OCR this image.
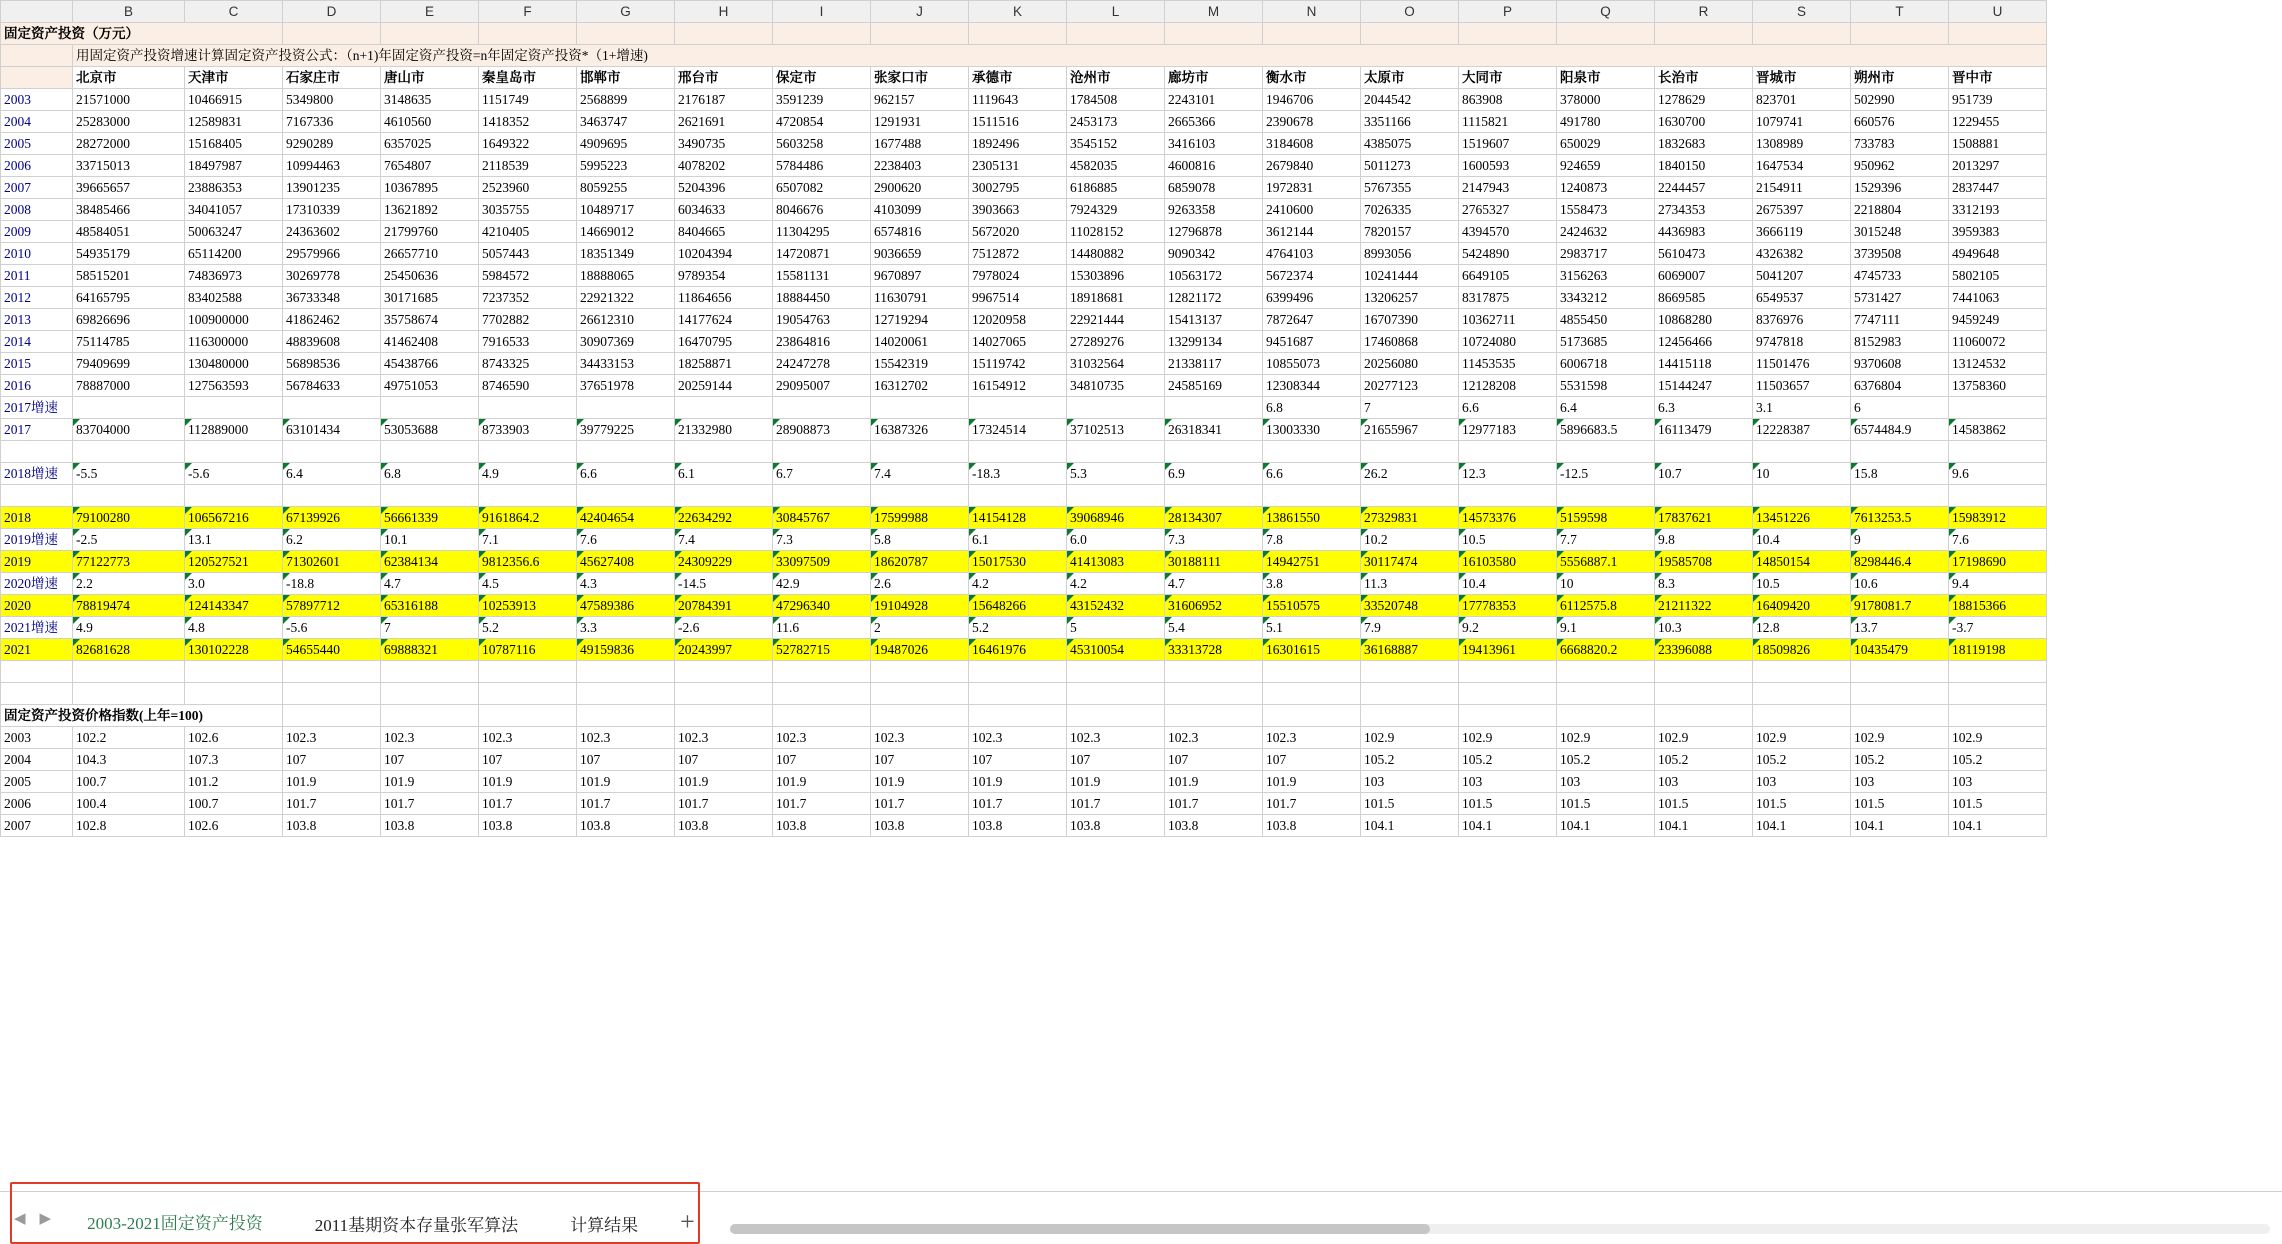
	B	C	D	E	F	G	H	I	J	K	L	M	N	O	P	Q	R	S	T	U
固定资产投资（万元）																				
	用固定资产投资增速计算固定资产投资公式：（n+1)年固定资产投资=n年固定资产投资*（1+增速)																			
	北京市	天津市	石家庄市	唐山市	秦皇岛市	邯郸市	邢台市	保定市	张家口市	承德市	沧州市	廊坊市	衡水市	太原市	大同市	阳泉市	长治市	晋城市	朔州市	晋中市
2003	21571000	10466915	5349800	3148635	1151749	2568899	2176187	3591239	962157	1119643	1784508	2243101	1946706	2044542	863908	378000	1278629	823701	502990	951739
2004	25283000	12589831	7167336	4610560	1418352	3463747	2621691	4720854	1291931	1511516	2453173	2665366	2390678	3351166	1115821	491780	1630700	1079741	660576	1229455
2005	28272000	15168405	9290289	6357025	1649322	4909695	3490735	5603258	1677488	1892496	3545152	3416103	3184608	4385075	1519607	650029	1832683	1308989	733783	1508881
2006	33715013	18497987	10994463	7654807	2118539	5995223	4078202	5784486	2238403	2305131	4582035	4600816	2679840	5011273	1600593	924659	1840150	1647534	950962	2013297
2007	39665657	23886353	13901235	10367895	2523960	8059255	5204396	6507082	2900620	3002795	6186885	6859078	1972831	5767355	2147943	1240873	2244457	2154911	1529396	2837447
2008	38485466	34041057	17310339	13621892	3035755	10489717	6034633	8046676	4103099	3903663	7924329	9263358	2410600	7026335	2765327	1558473	2734353	2675397	2218804	3312193
2009	48584051	50063247	24363602	21799760	4210405	14669012	8404665	11304295	6574816	5672020	11028152	12796878	3612144	7820157	4394570	2424632	4436983	3666119	3015248	3959383
2010	54935179	65114200	29579966	26657710	5057443	18351349	10204394	14720871	9036659	7512872	14480882	9090342	4764103	8993056	5424890	2983717	5610473	4326382	3739508	4949648
2011	58515201	74836973	30269778	25450636	5984572	18888065	9789354	15581131	9670897	7978024	15303896	10563172	5672374	10241444	6649105	3156263	6069007	5041207	4745733	5802105
2012	64165795	83402588	36733348	30171685	7237352	22921322	11864656	18884450	11630791	9967514	18918681	12821172	6399496	13206257	8317875	3343212	8669585	6549537	5731427	7441063
2013	69826696	100900000	41862462	35758674	7702882	26612310	14177624	19054763	12719294	12020958	22921444	15413137	7872647	16707390	10362711	4855450	10868280	8376976	7747111	9459249
2014	75114785	116300000	48839608	41462408	7916533	30907369	16470795	23864816	14020061	14027065	27289276	13299134	9451687	17460868	10724080	5173685	12456466	9747818	8152983	11060072
2015	79409699	130480000	56898536	45438766	8743325	34433153	18258871	24247278	15542319	15119742	31032564	21338117	10855073	20256080	11453535	6006718	14415118	11501476	9370608	13124532
2016	78887000	127563593	56784633	49751053	8746590	37651978	20259144	29095007	16312702	16154912	34810735	24585169	12308344	20277123	12128208	5531598	15144247	11503657	6376804	13758360
2017增速													6.8	7	6.6	6.4	6.3	3.1	6	
2017	83704000	112889000	63101434	53053688	8733903	39779225	21332980	28908873	16387326	17324514	37102513	26318341	13003330	21655967	12977183	5896683.5	16113479	12228387	6574484.9	14583862

2018增速	-5.5	-5.6	6.4	6.8	4.9	6.6	6.1	6.7	7.4	-18.3	5.3	6.9	6.6	26.2	12.3	-12.5	10.7	10	15.8	9.6

2018	79100280	106567216	67139926	56661339	9161864.2	42404654	22634292	30845767	17599988	14154128	39068946	28134307	13861550	27329831	14573376	5159598	17837621	13451226	7613253.5	15983912
2019增速	-2.5	13.1	6.2	10.1	7.1	7.6	7.4	7.3	5.8	6.1	6.0	7.3	7.8	10.2	10.5	7.7	9.8	10.4	9	7.6
2019	77122773	120527521	71302601	62384134	9812356.6	45627408	24309229	33097509	18620787	15017530	41413083	30188111	14942751	30117474	16103580	5556887.1	19585708	14850154	8298446.4	17198690
2020增速	2.2	3.0	-18.8	4.7	4.5	4.3	-14.5	42.9	2.6	4.2	4.2	4.7	3.8	11.3	10.4	10	8.3	10.5	10.6	9.4
2020	78819474	124143347	57897712	65316188	10253913	47589386	20784391	47296340	19104928	15648266	43152432	31606952	15510575	33520748	17778353	6112575.8	21211322	16409420	9178081.7	18815366
2021增速	4.9	4.8	-5.6	7	5.2	3.3	-2.6	11.6	2	5.2	5	5.4	5.1	7.9	9.2	9.1	10.3	12.8	13.7	-3.7
2021	82681628	130102228	54655440	69888321	10787116	49159836	20243997	52782715	19487026	16461976	45310054	33313728	16301615	36168887	19413961	6668820.2	23396088	18509826	10435479	18119198

固定资产投资价格指数(上年=100)																				
2003	102.2	102.6	102.3	102.3	102.3	102.3	102.3	102.3	102.3	102.3	102.3	102.3	102.3	102.9	102.9	102.9	102.9	102.9	102.9	102.9
2004	104.3	107.3	107	107	107	107	107	107	107	107	107	107	107	105.2	105.2	105.2	105.2	105.2	105.2	105.2
2005	100.7	101.2	101.9	101.9	101.9	101.9	101.9	101.9	101.9	101.9	101.9	101.9	101.9	103	103	103	103	103	103	103
2006	100.4	100.7	101.7	101.7	101.7	101.7	101.7	101.7	101.7	101.7	101.7	101.7	101.7	101.5	101.5	101.5	101.5	101.5	101.5	101.5
2007	102.8	102.6	103.8	103.8	103.8	103.8	103.8	103.8	103.8	103.8	103.8	103.8	103.8	104.1	104.1	104.1	104.1	104.1	104.1	104.1
◀ ▶	2003-2021固定资产投资	2011基期资本存量张军算法	计算结果	+
